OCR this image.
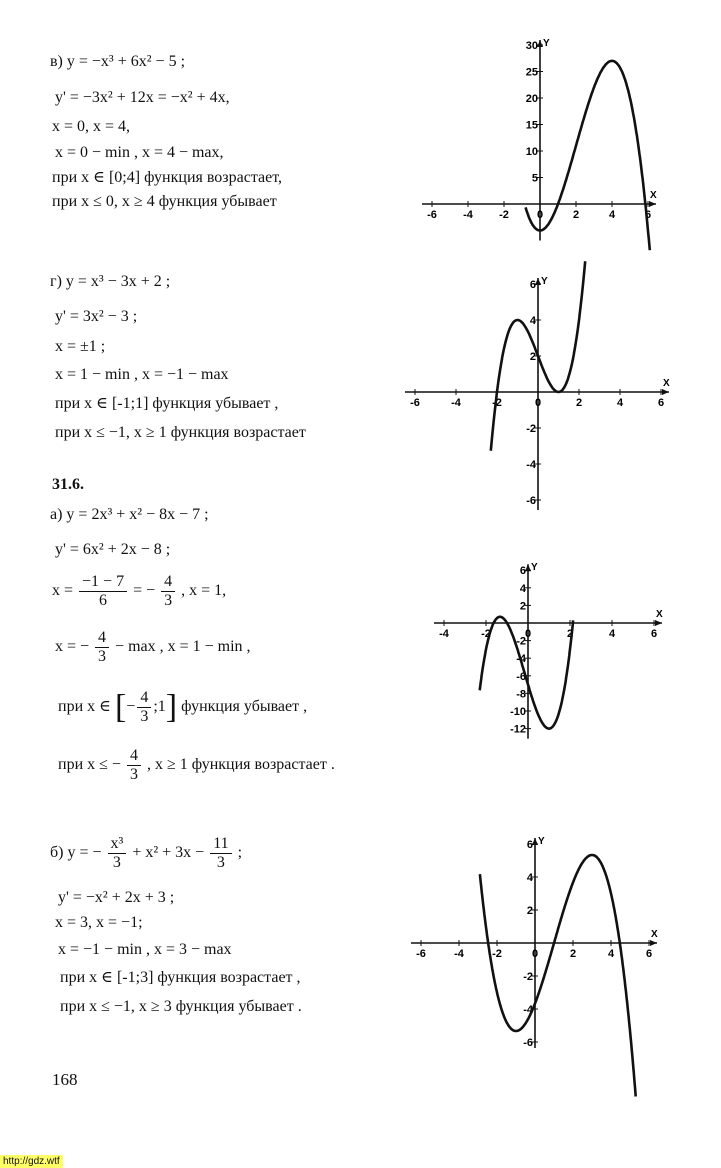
в) y = −x³ + 6x² − 5 ;
y' = −3x² + 12x = −x² + 4x,
x = 0, x = 4,
x = 0 − min , x = 4 − max,
при x ∈ [0;4] функция возрастает,
при x ≤ 0, x ≥ 4 функция убывает
г) y = x³ − 3x + 2 ;
y' = 3x² − 3 ;
x = ±1 ;
x = 1 − min , x = −1 − max
при x ∈ [-1;1] функция убывает ,
при x ≤ −1, x ≥ 1 функция возрастает
31.6.
а) y = 2x³ + x² − 8x − 7 ;
y' = 6x² + 2x − 8 ;
$x = \frac{-1 - 7}{6}$ = − $\frac{4}{3}$ , x = 1,
x = − $\frac{4}{3} - \max$ , x = 1 − min ,
при x ∈ [− $\frac{4}{3}$ ;1] функция убывает ,
при x ≤ − $\frac{4}{3}$ , x ≥ 1 функция возрастает .
б) y = − $\frac{\text{x³}}{3} + x^2 + 3x - \frac{11}{3}$ ;
y' = −x² + 2x + 3 ;
x = 3, x = −1;
x = −1 − min , x = 3 − max
при x ∈ [-1;3] функция возрастает ,
при x ≤ −1, x ≥ 3 функция убывает .
X
Y
-6 -4 -2	0	2	4	6
5
10
15
20
25
30
X
Y
-6	-4	-2	0	2	4	6
-6
-4
-2
2
4
6
X
Y
-4	-2	0	2	4	6
-12
-10
-8
-6
-4
-2
2
4
6
X
Y
-6	-4	-2	0	2	4	6
-6
-4
-2
2
4
6
168
http://gdz.wtf
